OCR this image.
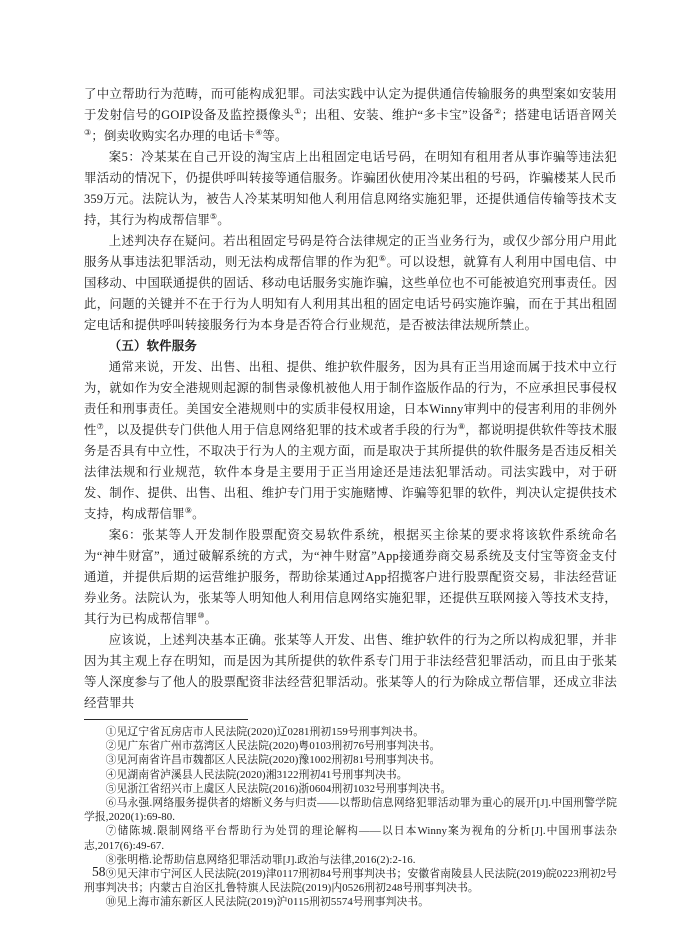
了中立帮助行为范畴，而可能构成犯罪。司法实践中认定为提供通信传输服务的典型案如安装用于发射信号的GOIP设备及监控摄像头①；出租、安装、维护“多卡宝”设备②；搭建电话语音网关③；倒卖收购实名办理的电话卡④等。

案5：冷某某在自己开设的淘宝店上出租固定电话号码，在明知有租用者从事诈骗等违法犯罪活动的情况下，仍提供呼叫转接等通信服务。诈骗团伙使用冷某出租的号码，诈骗楼某人民币359万元。法院认为，被告人冷某某明知他人利用信息网络实施犯罪，还提供通信传输等技术支持，其行为构成帮信罪⑤。

上述判决存在疑问。若出租固定号码是符合法律规定的正当业务行为，或仅少部分用户用此服务从事违法犯罪活动，则无法构成帮信罪的作为犯⑥。可以设想，就算有人利用中国电信、中国移动、中国联通提供的固话、移动电话服务实施诈骗，这些单位也不可能被追究刑事责任。因此，问题的关键并不在于行为人明知有人利用其出租的固定电话号码实施诈骗，而在于其出租固定电话和提供呼叫转接服务行为本身是否符合行业规范，是否被法律法规所禁止。

（五）软件服务

通常来说，开发、出售、出租、提供、维护软件服务，因为具有正当用途而属于技术中立行为，就如作为安全港规则起源的制售录像机被他人用于制作盗版作品的行为，不应承担民事侵权责任和刑事责任。美国安全港规则中的实质非侵权用途，日本Winny审判中的侵害利用的非例外性⑦，以及提供专门供他人用于信息网络犯罪的技术或者手段的行为⑧，都说明提供软件等技术服务是否具有中立性，不取决于行为人的主观方面，而是取决于其所提供的软件服务是否违反相关法律法规和行业规范，软件本身是主要用于正当用途还是违法犯罪活动。司法实践中，对于研发、制作、提供、出售、出租、维护专门用于实施赌博、诈骗等犯罪的软件，判决认定提供技术支持，构成帮信罪⑨。

案6：张某等人开发制作股票配资交易软件系统，根据买主徐某的要求将该软件系统命名为“神牛财富”，通过破解系统的方式，为“神牛财富”App接通券商交易系统及支付宝等资金支付通道，并提供后期的运营维护服务，帮助徐某通过App招揽客户进行股票配资交易，非法经营证券业务。法院认为，张某等人明知他人利用信息网络实施犯罪，还提供互联网接入等技术支持，其行为已构成帮信罪⑩。

应该说，上述判决基本正确。张某等人开发、出售、维护软件的行为之所以构成犯罪，并非因为其主观上存在明知，而是因为其所提供的软件系专门用于非法经营犯罪活动，而且由于张某等人深度参与了他人的股票配资非法经营犯罪活动。张某等人的行为除成立帮信罪，还成立非法经营罪共

①见辽宁省瓦房店市人民法院(2020)辽0281刑初159号刑事判决书。

②见广东省广州市荔湾区人民法院(2020)粤0103刑初76号刑事判决书。

③见河南省许昌市魏都区人民法院(2020)豫1002刑初81号刑事判决书。

④见湖南省泸溪县人民法院(2020)湘3122刑初41号刑事判决书。

⑤见浙江省绍兴市上虞区人民法院(2016)浙0604刑初1032号刑事判决书。

⑥马永强.网络服务提供者的熔断义务与归责——以帮助信息网络犯罪活动罪为重心的展开[J].中国刑警学院学报,2020(1):69-80.

⑦储陈城.限制网络平台帮助行为处罚的理论解构——以日本Winny案为视角的分析[J].中国刑事法杂志,2017(6):49-67.

⑧张明楷.论帮助信息网络犯罪活动罪[J].政治与法律,2016(2):2-16.

⑨见天津市宁河区人民法院(2019)津0117刑初84号刑事判决书；安徽省南陵县人民法院(2019)皖0223刑初2号刑事判决书；内蒙古自治区扎鲁特旗人民法院(2019)内0526刑初248号刑事判决书。

⑩见上海市浦东新区人民法院(2019)沪0115刑初5574号刑事判决书。

58
